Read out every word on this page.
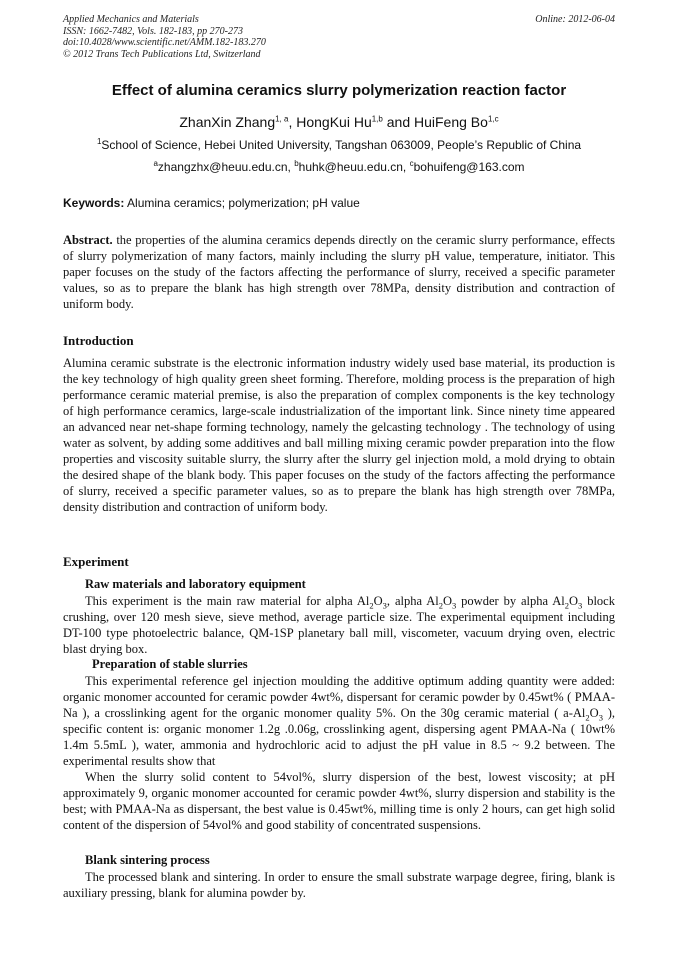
Applied Mechanics and Materials
ISSN: 1662-7482, Vols. 182-183, pp 270-273
doi:10.4028/www.scientific.net/AMM.182-183.270
© 2012 Trans Tech Publications Ltd, Switzerland
Online: 2012-06-04
Effect of alumina ceramics slurry polymerization reaction factor
ZhanXin Zhang$^{1, a}$, HongKui Hu$^{1,b}$ and HuiFeng Bo$^{1,c}$
$^1$School of Science, Hebei United University, Tangshan 063009, People’s Republic of China
$^a$zhangzhx@heuu.edu.cn, $^b$huhk@heuu.edu.cn, $^c$bohuifeng@163.com
Keywords: Alumina ceramics; polymerization; pH value
Abstract. the properties of the alumina ceramics depends directly on the ceramic slurry performance, effects of slurry polymerization of many factors, mainly including the slurry pH value, temperature, initiator. This paper focuses on the study of the factors affecting the performance of slurry, received a specific parameter values, so as to prepare the blank has high strength over 78MPa, density distribution and contraction of uniform body.
Introduction
Alumina ceramic substrate is the electronic information industry widely used base material, its production is the key technology of high quality green sheet forming. Therefore, molding process is the preparation of high performance ceramic material premise, is also the preparation of complex components is the key technology of high performance ceramics, large-scale industrialization of the important link. Since ninety time appeared an advanced near net-shape forming technology, namely the gelcasting technology . The technology of using water as solvent, by adding some additives and ball milling mixing ceramic powder preparation into the flow properties and viscosity suitable slurry, the slurry after the slurry gel injection mold, a mold drying to obtain the desired shape of the blank body. This paper focuses on the study of the factors affecting the performance of slurry, received a specific parameter values, so as to prepare the blank has high strength over 78MPa, density distribution and contraction of uniform body.
Experiment
Raw materials and laboratory equipment
This experiment is the main raw material for alpha $Al_2O_3$, alpha $Al_2O_3$ powder by alpha $Al_2O_3$ block crushing, over 120 mesh sieve, sieve method, average particle size. The experimental equipment including DT-100 type photoelectric balance, QM-1SP planetary ball mill, viscometer, vacuum drying oven, electric blast drying box.
Preparation of stable slurries

This experimental reference gel injection moulding the additive optimum adding quantity were added: organic monomer accounted for ceramic powder 4wt%, dispersant for ceramic powder by 0.45wt% ( PMAA-Na ), a crosslinking agent for the organic monomer quality 5%. On the 30g ceramic material ( $a-Al_2O_3$ ), specific content is: organic monomer 1.2g .0.06g, crosslinking agent, dispersing agent PMAA-Na ( 10wt% 1.4m 5.5mL ), water, ammonia and hydrochloric acid to adjust the pH value in 8.5 ~ 9.2 between. The experimental results show that

When the slurry solid content to 54vol%, slurry dispersion of the best, lowest viscosity; at pH approximately 9, organic monomer accounted for ceramic powder 4wt%, slurry dispersion and stability is the best; with PMAA-Na as dispersant, the best value is 0.45wt%, milling time is only 2 hours, can get high solid content of the dispersion of 54vol% and good stability of concentrated suspensions.

Blank sintering process
The processed blank and sintering. In order to ensure the small substrate warpage degree, firing, blank is auxiliary pressing, blank for alumina powder by.
